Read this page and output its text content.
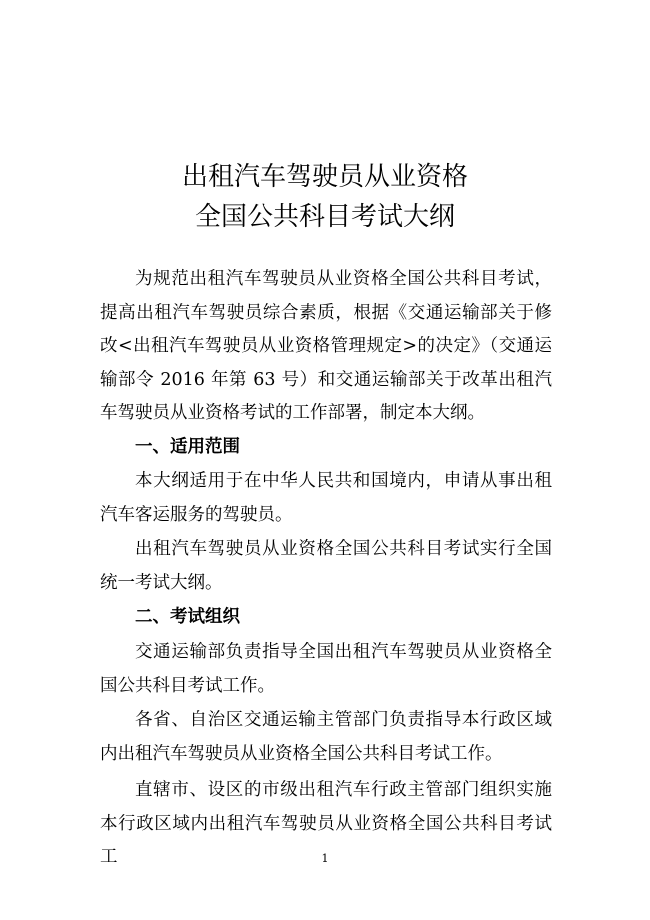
出租汽车驾驶员从业资格
全国公共科目考试大纲

为规范出租汽车驾驶员从业资格全国公共科目考试，提高出租汽车驾驶员综合素质，根据《交通运输部关于修改<出租汽车驾驶员从业资格管理规定>的决定》（交通运输部令 2016 年第 63 号）和交通运输部关于改革出租汽车驾驶员从业资格考试的工作部署，制定本大纲。

一、适用范围

本大纲适用于在中华人民共和国境内，申请从事出租汽车客运服务的驾驶员。

出租汽车驾驶员从业资格全国公共科目考试实行全国统一考试大纲。

二、考试组织

交通运输部负责指导全国出租汽车驾驶员从业资格全国公共科目考试工作。

各省、自治区交通运输主管部门负责指导本行政区域内出租汽车驾驶员从业资格全国公共科目考试工作。

直辖市、设区的市级出租汽车行政主管部门组织实施本行政区域内出租汽车驾驶员从业资格全国公共科目考试工	1
